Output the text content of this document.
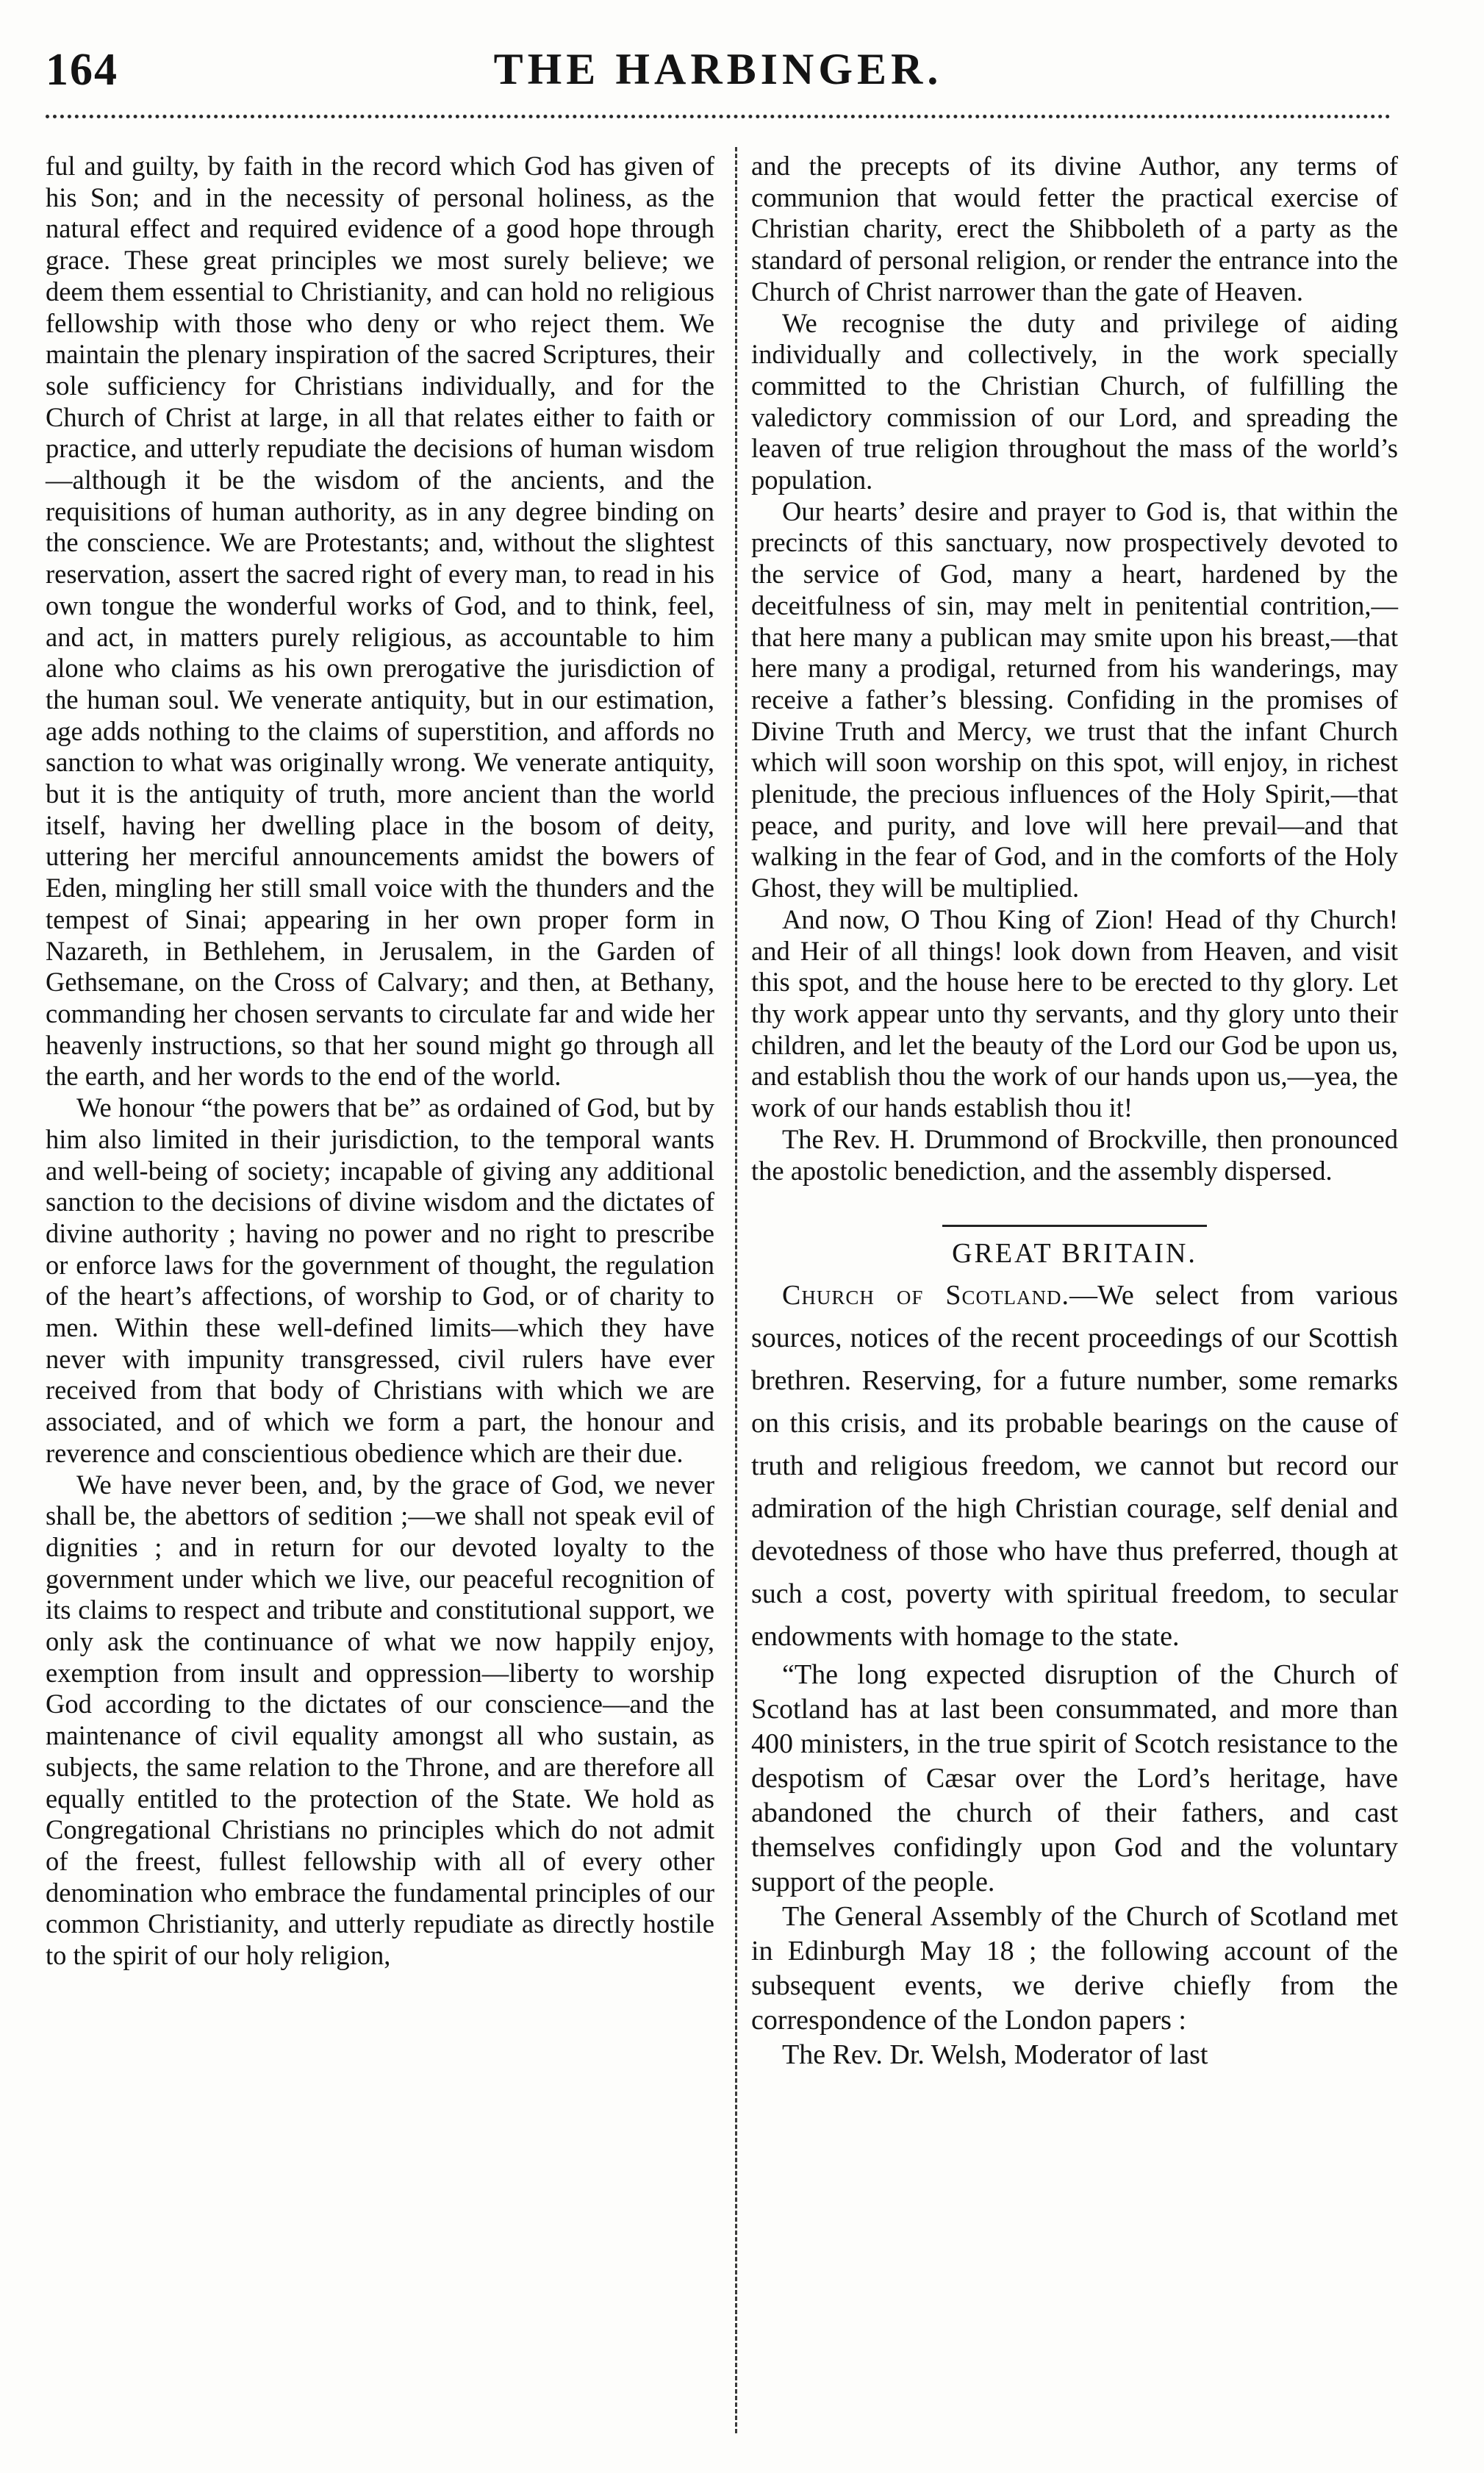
164	THE HARBINGER.

ful and guilty, by faith in the record which God has given of his Son; and in the necessity of personal holiness, as the natural effect and required evidence of a good hope through grace. These great principles we most surely believe; we deem them essential to Christianity, and can hold no religious fellowship with those who deny or who reject them. We maintain the plenary inspiration of the sacred Scriptures, their sole sufficiency for Christians individually, and for the Church of Christ at large, in all that relates either to faith or practice, and utterly repudiate the decisions of human wisdom—although it be the wisdom of the ancients, and the requisitions of human authority, as in any degree binding on the conscience. We are Protestants; and, without the slightest reservation, assert the sacred right of every man, to read in his own tongue the wonderful works of God, and to think, feel, and act, in matters purely religious, as accountable to him alone who claims as his own prerogative the jurisdiction of the human soul. We venerate antiquity, but in our estimation, age adds nothing to the claims of superstition, and affords no sanction to what was originally wrong. We venerate antiquity, but it is the antiquity of truth, more ancient than the world itself, having her dwelling place in the bosom of deity, uttering her merciful announcements amidst the bowers of Eden, mingling her still small voice with the thunders and the tempest of Sinai; appearing in her own proper form in Nazareth, in Bethlehem, in Jerusalem, in the Garden of Gethsemane, on the Cross of Calvary; and then, at Bethany, commanding her chosen servants to circulate far and wide her heavenly instructions, so that her sound might go through all the earth, and her words to the end of the world.

We honour “the powers that be” as ordained of God, but by him also limited in their jurisdiction, to the temporal wants and well-being of society; incapable of giving any additional sanction to the decisions of divine wisdom and the dictates of divine authority ; having no power and no right to prescribe or enforce laws for the government of thought, the regulation of the heart’s affections, of worship to God, or of charity to men. Within these well-defined limits—which they have never with impunity transgressed, civil rulers have ever received from that body of Christians with which we are associated, and of which we form a part, the honour and reverence and conscientious obedience which are their due.

We have never been, and, by the grace of God, we never shall be, the abettors of sedition ;—we shall not speak evil of dignities ; and in return for our devoted loyalty to the government under which we live, our peaceful recognition of its claims to respect and tribute and constitutional support, we only ask the continuance of what we now happily enjoy, exemption from insult and oppression—liberty to worship God according to the dictates of our conscience—and the maintenance of civil equality amongst all who sustain, as subjects, the same relation to the Throne, and are therefore all equally entitled to the protection of the State. We hold as Congregational Christians no principles which do not admit of the freest, fullest fellowship with all of every other denomination who embrace the fundamental principles of our common Christianity, and utterly repudiate as directly hostile to the spirit of our holy religion,

and the precepts of its divine Author, any terms of communion that would fetter the practical exercise of Christian charity, erect the Shibboleth of a party as the standard of personal religion, or render the entrance into the Church of Christ narrower than the gate of Heaven.

We recognise the duty and privilege of aiding individually and collectively, in the work specially committed to the Christian Church, of fulfilling the valedictory commission of our Lord, and spreading the leaven of true religion throughout the mass of the world’s population.

Our hearts’ desire and prayer to God is, that within the precincts of this sanctuary, now prospectively devoted to the service of God, many a heart, hardened by the deceitfulness of sin, may melt in penitential contrition,—that here many a publican may smite upon his breast,—that here many a prodigal, returned from his wanderings, may receive a father’s blessing. Confiding in the promises of Divine Truth and Mercy, we trust that the infant Church which will soon worship on this spot, will enjoy, in richest plenitude, the precious influences of the Holy Spirit,—that peace, and purity, and love will here prevail—and that walking in the fear of God, and in the comforts of the Holy Ghost, they will be multiplied.

And now, O Thou King of Zion! Head of thy Church! and Heir of all things! look down from Heaven, and visit this spot, and the house here to be erected to thy glory. Let thy work appear unto thy servants, and thy glory unto their children, and let the beauty of the Lord our God be upon us, and establish thou the work of our hands upon us,—yea, the work of our hands establish thou it!

The Rev. H. Drummond of Brockville, then pronounced the apostolic benediction, and the assembly dispersed.

GREAT BRITAIN.

Church of Scotland.—We select from various sources, notices of the recent proceedings of our Scottish brethren. Reserving, for a future number, some remarks on this crisis, and its probable bearings on the cause of truth and religious freedom, we cannot but record our admiration of the high Christian courage, self denial and devotedness of those who have thus preferred, though at such a cost, poverty with spiritual freedom, to secular endowments with homage to the state.

“The long expected disruption of the Church of Scotland has at last been consummated, and more than 400 ministers, in the true spirit of Scotch resistance to the despotism of Cæsar over the Lord’s heritage, have abandoned the church of their fathers, and cast themselves confidingly upon God and the voluntary support of the people.

The General Assembly of the Church of Scotland met in Edinburgh May 18 ; the following account of the subsequent events, we derive chiefly from the correspondence of the London papers :

The Rev. Dr. Welsh, Moderator of last
